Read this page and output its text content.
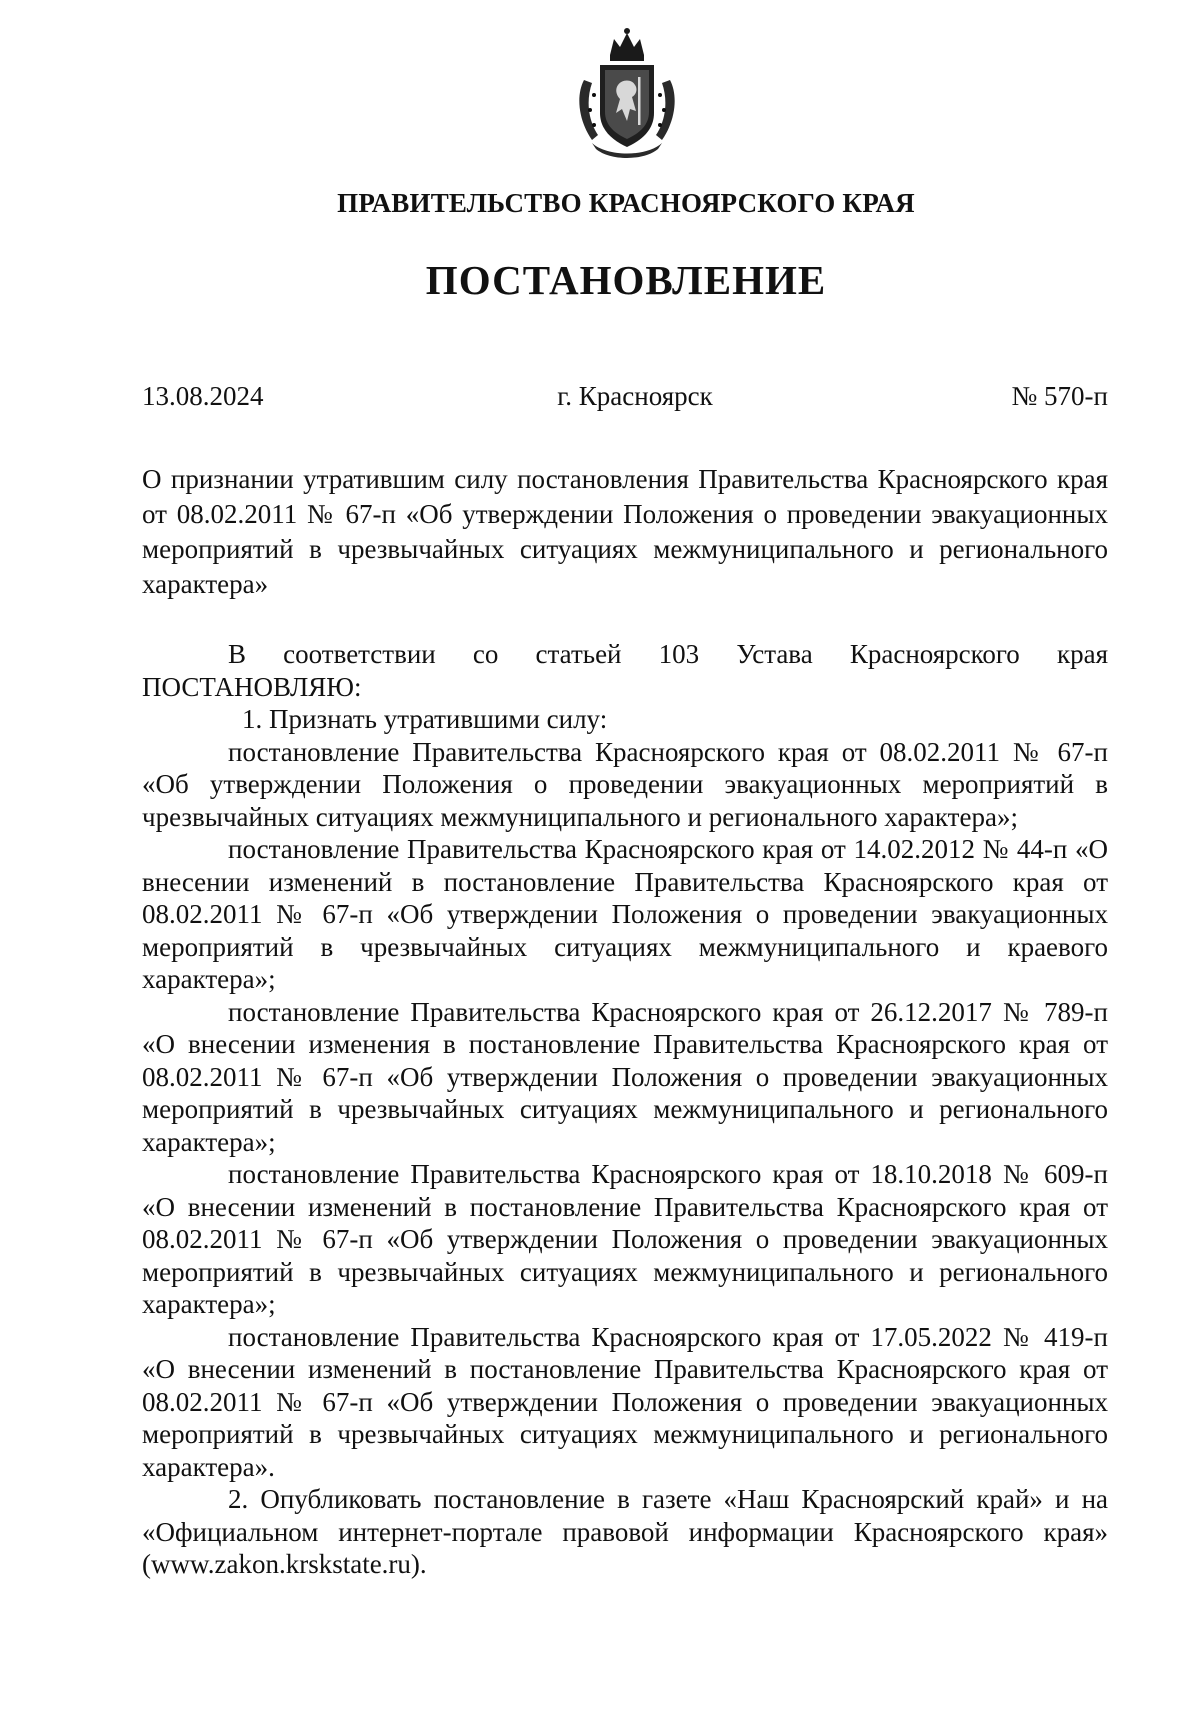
ПРАВИТЕЛЬСТВО КРАСНОЯРСКОГО КРАЯ
ПОСТАНОВЛЕНИЕ
13.08.2024	г. Красноярск	№ 570-п
О признании утратившим силу постановления Правительства Красноярского края от 08.02.2011 № 67-п «Об утверждении Положения о проведении эвакуационных мероприятий в чрезвычайных ситуациях межмуниципального и регионального характера»

В соответствии со статьей 103 Устава Красноярского края ПОСТАНОВЛЯЮ:

1. Признать утратившими силу:

постановление Правительства Красноярского края от 08.02.2011 № 67-п «Об утверждении Положения о проведении эвакуационных мероприятий в чрезвычайных ситуациях межмуниципального и регионального характера»;

постановление Правительства Красноярского края от 14.02.2012 № 44-п «О внесении изменений в постановление Правительства Красноярского края от 08.02.2011 № 67-п «Об утверждении Положения о проведении эвакуационных мероприятий в чрезвычайных ситуациях межмуниципального и краевого характера»;

постановление Правительства Красноярского края от 26.12.2017 № 789-п «О внесении изменения в постановление Правительства Красноярского края от 08.02.2011 № 67-п «Об утверждении Положения о проведении эвакуационных мероприятий в чрезвычайных ситуациях межмуниципального и регионального характера»;

постановление Правительства Красноярского края от 18.10.2018 № 609-п «О внесении изменений в постановление Правительства Красноярского края от 08.02.2011 № 67-п «Об утверждении Положения о проведении эвакуационных мероприятий в чрезвычайных ситуациях межмуниципального и регионального характера»;

постановление Правительства Красноярского края от 17.05.2022 № 419-п «О внесении изменений в постановление Правительства Красноярского края от 08.02.2011 № 67-п «Об утверждении Положения о проведении эвакуационных мероприятий в чрезвычайных ситуациях межмуниципального и регионального характера».

2. Опубликовать постановление в газете «Наш Красноярский край» и на «Официальном интернет-портале правовой информации Красноярского края» (www.zakon.krskstate.ru).
